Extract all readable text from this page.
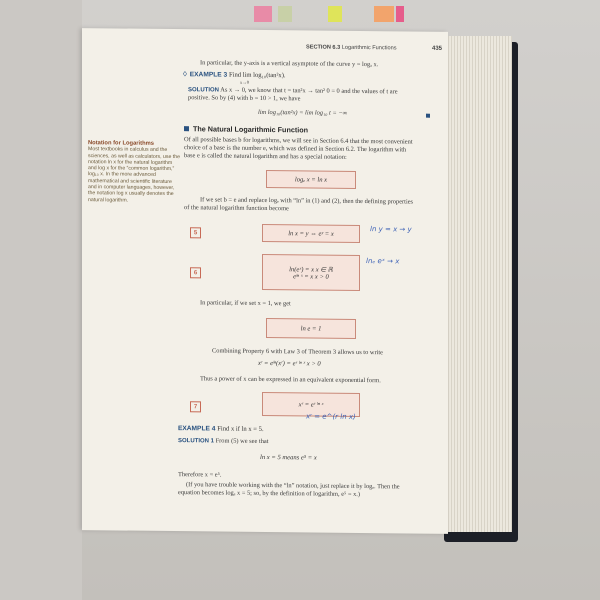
SECTION 6.3 Logarithmic Functions	435
In particular, the y-axis is a vertical asymptote of the curve y = logₐ x.
♢ EXAMPLE 3 Find lim log₁₀(tan²x).
x→0
SOLUTION As x → 0, we know that t = tan²x → tan² 0 = 0 and the values of t are
positive. So by (4) with b = 10 > 1, we have
lim log₁₀(tan²x) = lim log₁₀ t = −∞
The Natural Logarithmic Function
Notation for Logarithms
Most textbooks in calculus and the sciences, as well as calculators, use the notation ln x for the natural logarithm and log x for the “common logarithm,” log₁₀ x. In the more advanced mathematical and scientific literature and in computer languages, however, the notation log x usually denotes the natural logarithm.
Of all possible bases b for logarithms, we will see in Section 6.4 that the most convenient
choice of a base is the number e, which was defined in Section 6.2. The logarithm with
base e is called the natural logarithm and has a special notation:
logₑ x = ln x
If we set b = e and replace logₑ with “ln” in (1) and (2), then the defining properties
of the natural logarithm function become
5	ln x = y ⇔ eʸ = x	ln y = x → y
6	ln(eˣ) = x x ∈ ℝ
eˡⁿ ˣ = x x > 0
lnₑ eˣ → x
In particular, if we set x = 1, we get
ln e = 1
Combining Property 6 with Law 3 of Theorem 3 allows us to write
xʳ = eˡⁿ(xʳ) = eʳ ˡⁿ ˣ x > 0
Thus a power of x can be expressed in an equivalent exponential form.
7	xʳ = eʳ ˡⁿ ˣ
xʳ = e^(r ln x)
EXAMPLE 4 Find x if ln x = 5.
SOLUTION 1 From (5) we see that
ln x = 5 means e⁵ = x
Therefore x = e⁵.
(If you have trouble working with the “ln” notation, just replace it by logₑ. Then the
equation becomes logₑ x = 5; so, by the definition of logarithm, e⁵ = x.)
